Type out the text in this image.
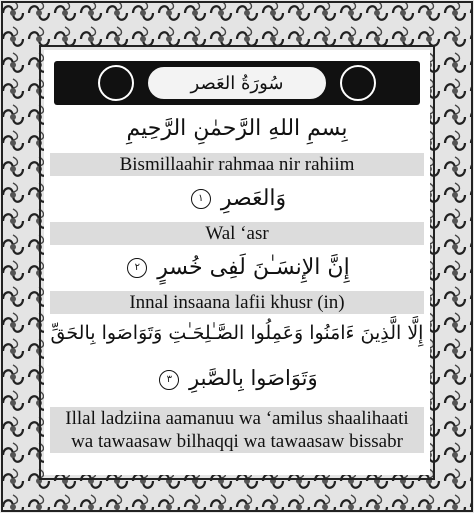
سُورَةُ العَصر
بِسمِ اللهِ الرَّحمٰنِ الرَّحِيمِ
Bismillaahir rahmaa nir rahiim
وَالعَصرِ ١
Wal ‘asr
إِنَّ الإِنسَـٰنَ لَفِى خُسرٍ ٢
Innal insaana lafii khusr (in)
إِلَّا الَّذِينَ ءَامَنُوا وَعَمِلُوا الصَّـٰلِحَـٰتِ وَتَوَاصَوا بِالحَقِّ
وَتَوَاصَوا بِالصَّبرِ ٣
Illal ladziina aamanuu wa ‘amilus shaalihaati
wa tawaasaw bilhaqqi wa tawaasaw bissabr
